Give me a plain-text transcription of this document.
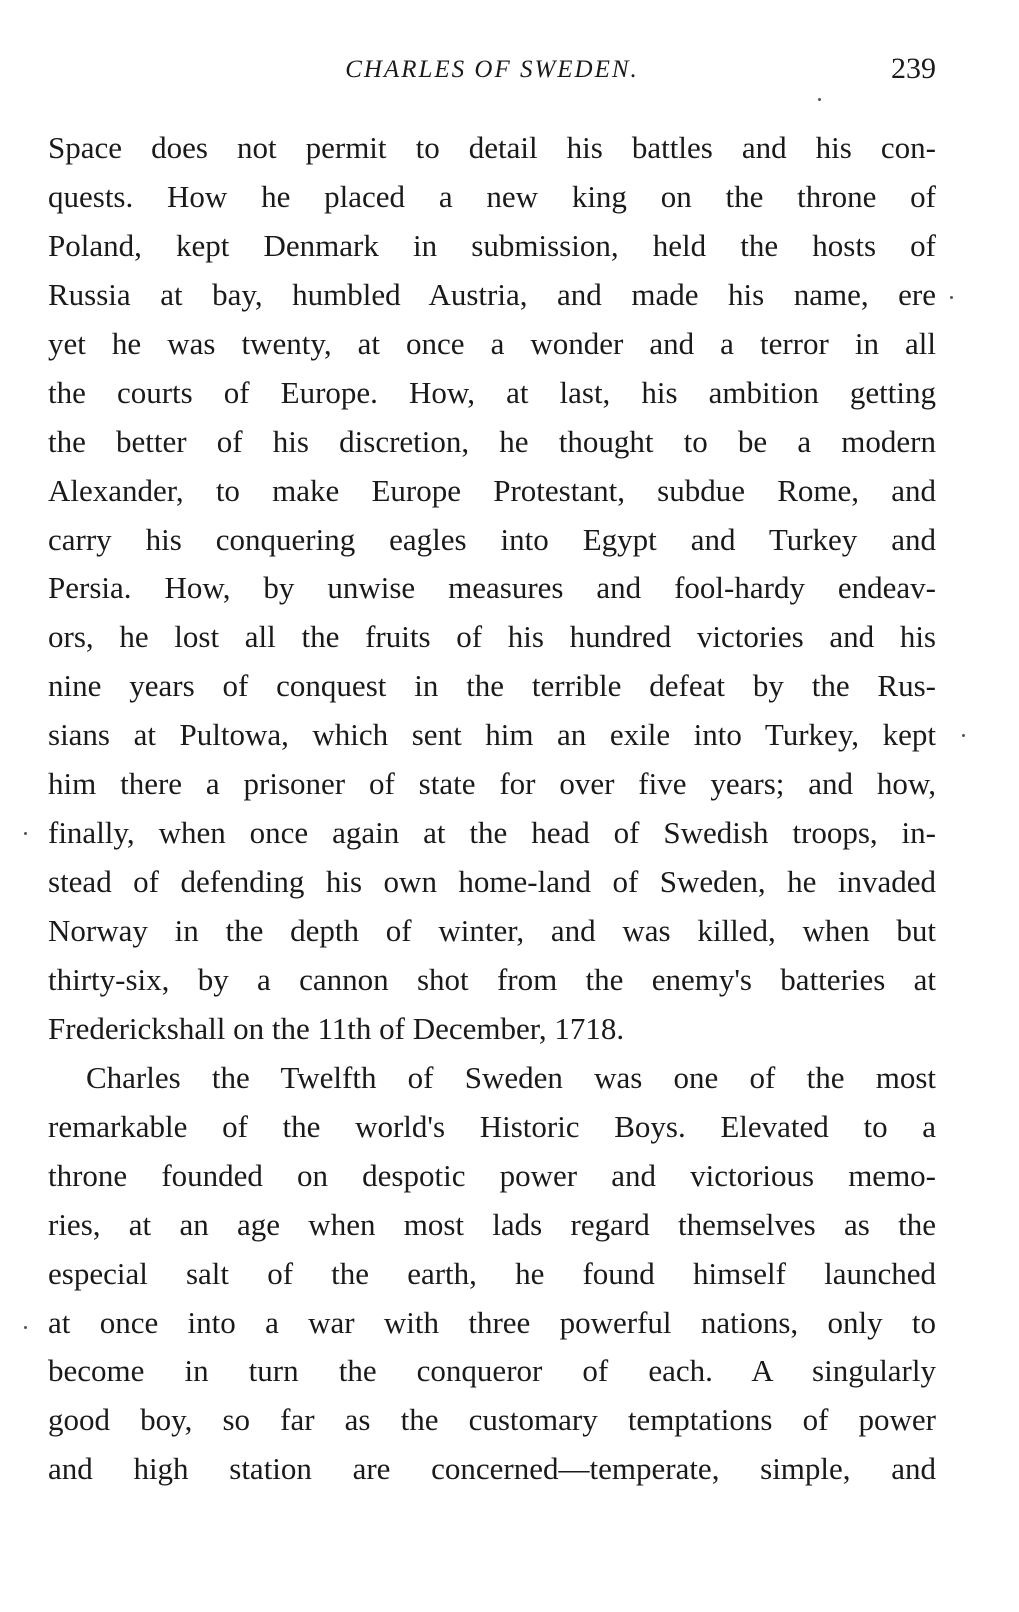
CHARLES OF SWEDEN.	239
Space does not permit to detail his battles and his con-
quests. How he placed a new king on the throne of
Poland, kept Denmark in submission, held the hosts of
Russia at bay, humbled Austria, and made his name, ere
yet he was twenty, at once a wonder and a terror in all
the courts of Europe. How, at last, his ambition getting
the better of his discretion, he thought to be a modern
Alexander, to make Europe Protestant, subdue Rome, and
carry his conquering eagles into Egypt and Turkey and
Persia. How, by unwise measures and fool-hardy endeav-
ors, he lost all the fruits of his hundred victories and his
nine years of conquest in the terrible defeat by the Rus-
sians at Pultowa, which sent him an exile into Turkey, kept
him there a prisoner of state for over five years; and how,
finally, when once again at the head of Swedish troops, in-
stead of defending his own home-land of Sweden, he invaded
Norway in the depth of winter, and was killed, when but
thirty-six, by a cannon shot from the enemy's batteries at
Frederickshall on the 11th of December, 1718.
Charles the Twelfth of Sweden was one of the most
remarkable of the world's Historic Boys. Elevated to a
throne founded on despotic power and victorious memo-
ries, at an age when most lads regard themselves as the
especial salt of the earth, he found himself launched
at once into a war with three powerful nations, only to
become in turn the conqueror of each. A singularly
good boy, so far as the customary temptations of power
and high station are concerned—temperate, simple, and
